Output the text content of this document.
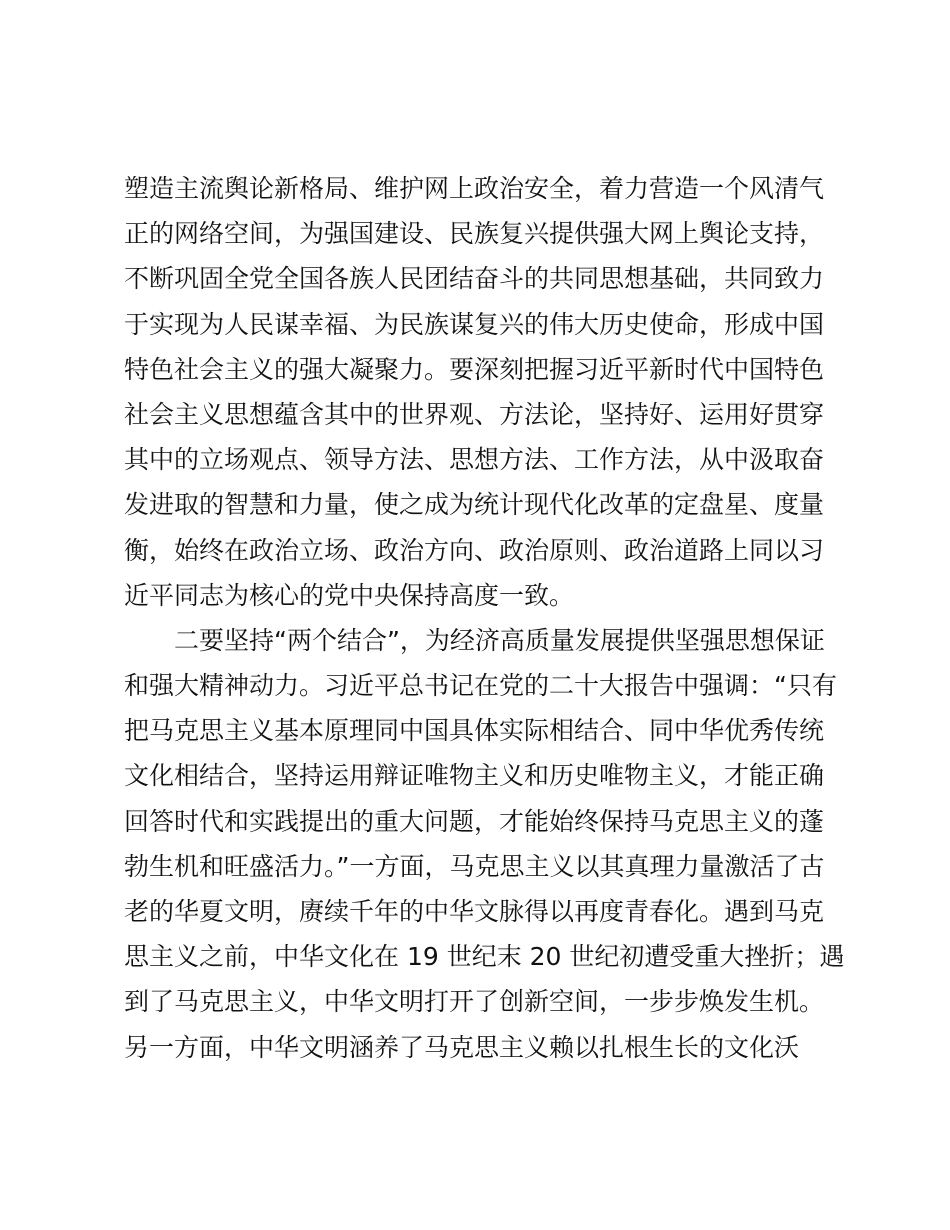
塑造主流舆论新格局、维护网上政治安全，着力营造一个风清气
正的网络空间，为强国建设、民族复兴提供强大网上舆论支持，
不断巩固全党全国各族人民团结奋斗的共同思想基础，共同致力
于实现为人民谋幸福、为民族谋复兴的伟大历史使命，形成中国
特色社会主义的强大凝聚力。要深刻把握习近平新时代中国特色
社会主义思想蕴含其中的世界观、方法论，坚持好、运用好贯穿
其中的立场观点、领导方法、思想方法、工作方法，从中汲取奋
发进取的智慧和力量，使之成为统计现代化改革的定盘星、度量
衡，始终在政治立场、政治方向、政治原则、政治道路上同以习
近平同志为核心的党中央保持高度一致。
二要坚持“两个结合”，为经济高质量发展提供坚强思想保证
和强大精神动力。习近平总书记在党的二十大报告中强调：“只有
把马克思主义基本原理同中国具体实际相结合、同中华优秀传统
文化相结合，坚持运用辩证唯物主义和历史唯物主义，才能正确
回答时代和实践提出的重大问题，才能始终保持马克思主义的蓬
勃生机和旺盛活力。”一方面，马克思主义以其真理力量激活了古
老的华夏文明，赓续千年的中华文脉得以再度青春化。遇到马克
思主义之前，中华文化在 19 世纪末 20 世纪初遭受重大挫折；遇
到了马克思主义，中华文明打开了创新空间，一步步焕发生机。
另一方面，中华文明涵养了马克思主义赖以扎根生长的文化沃
